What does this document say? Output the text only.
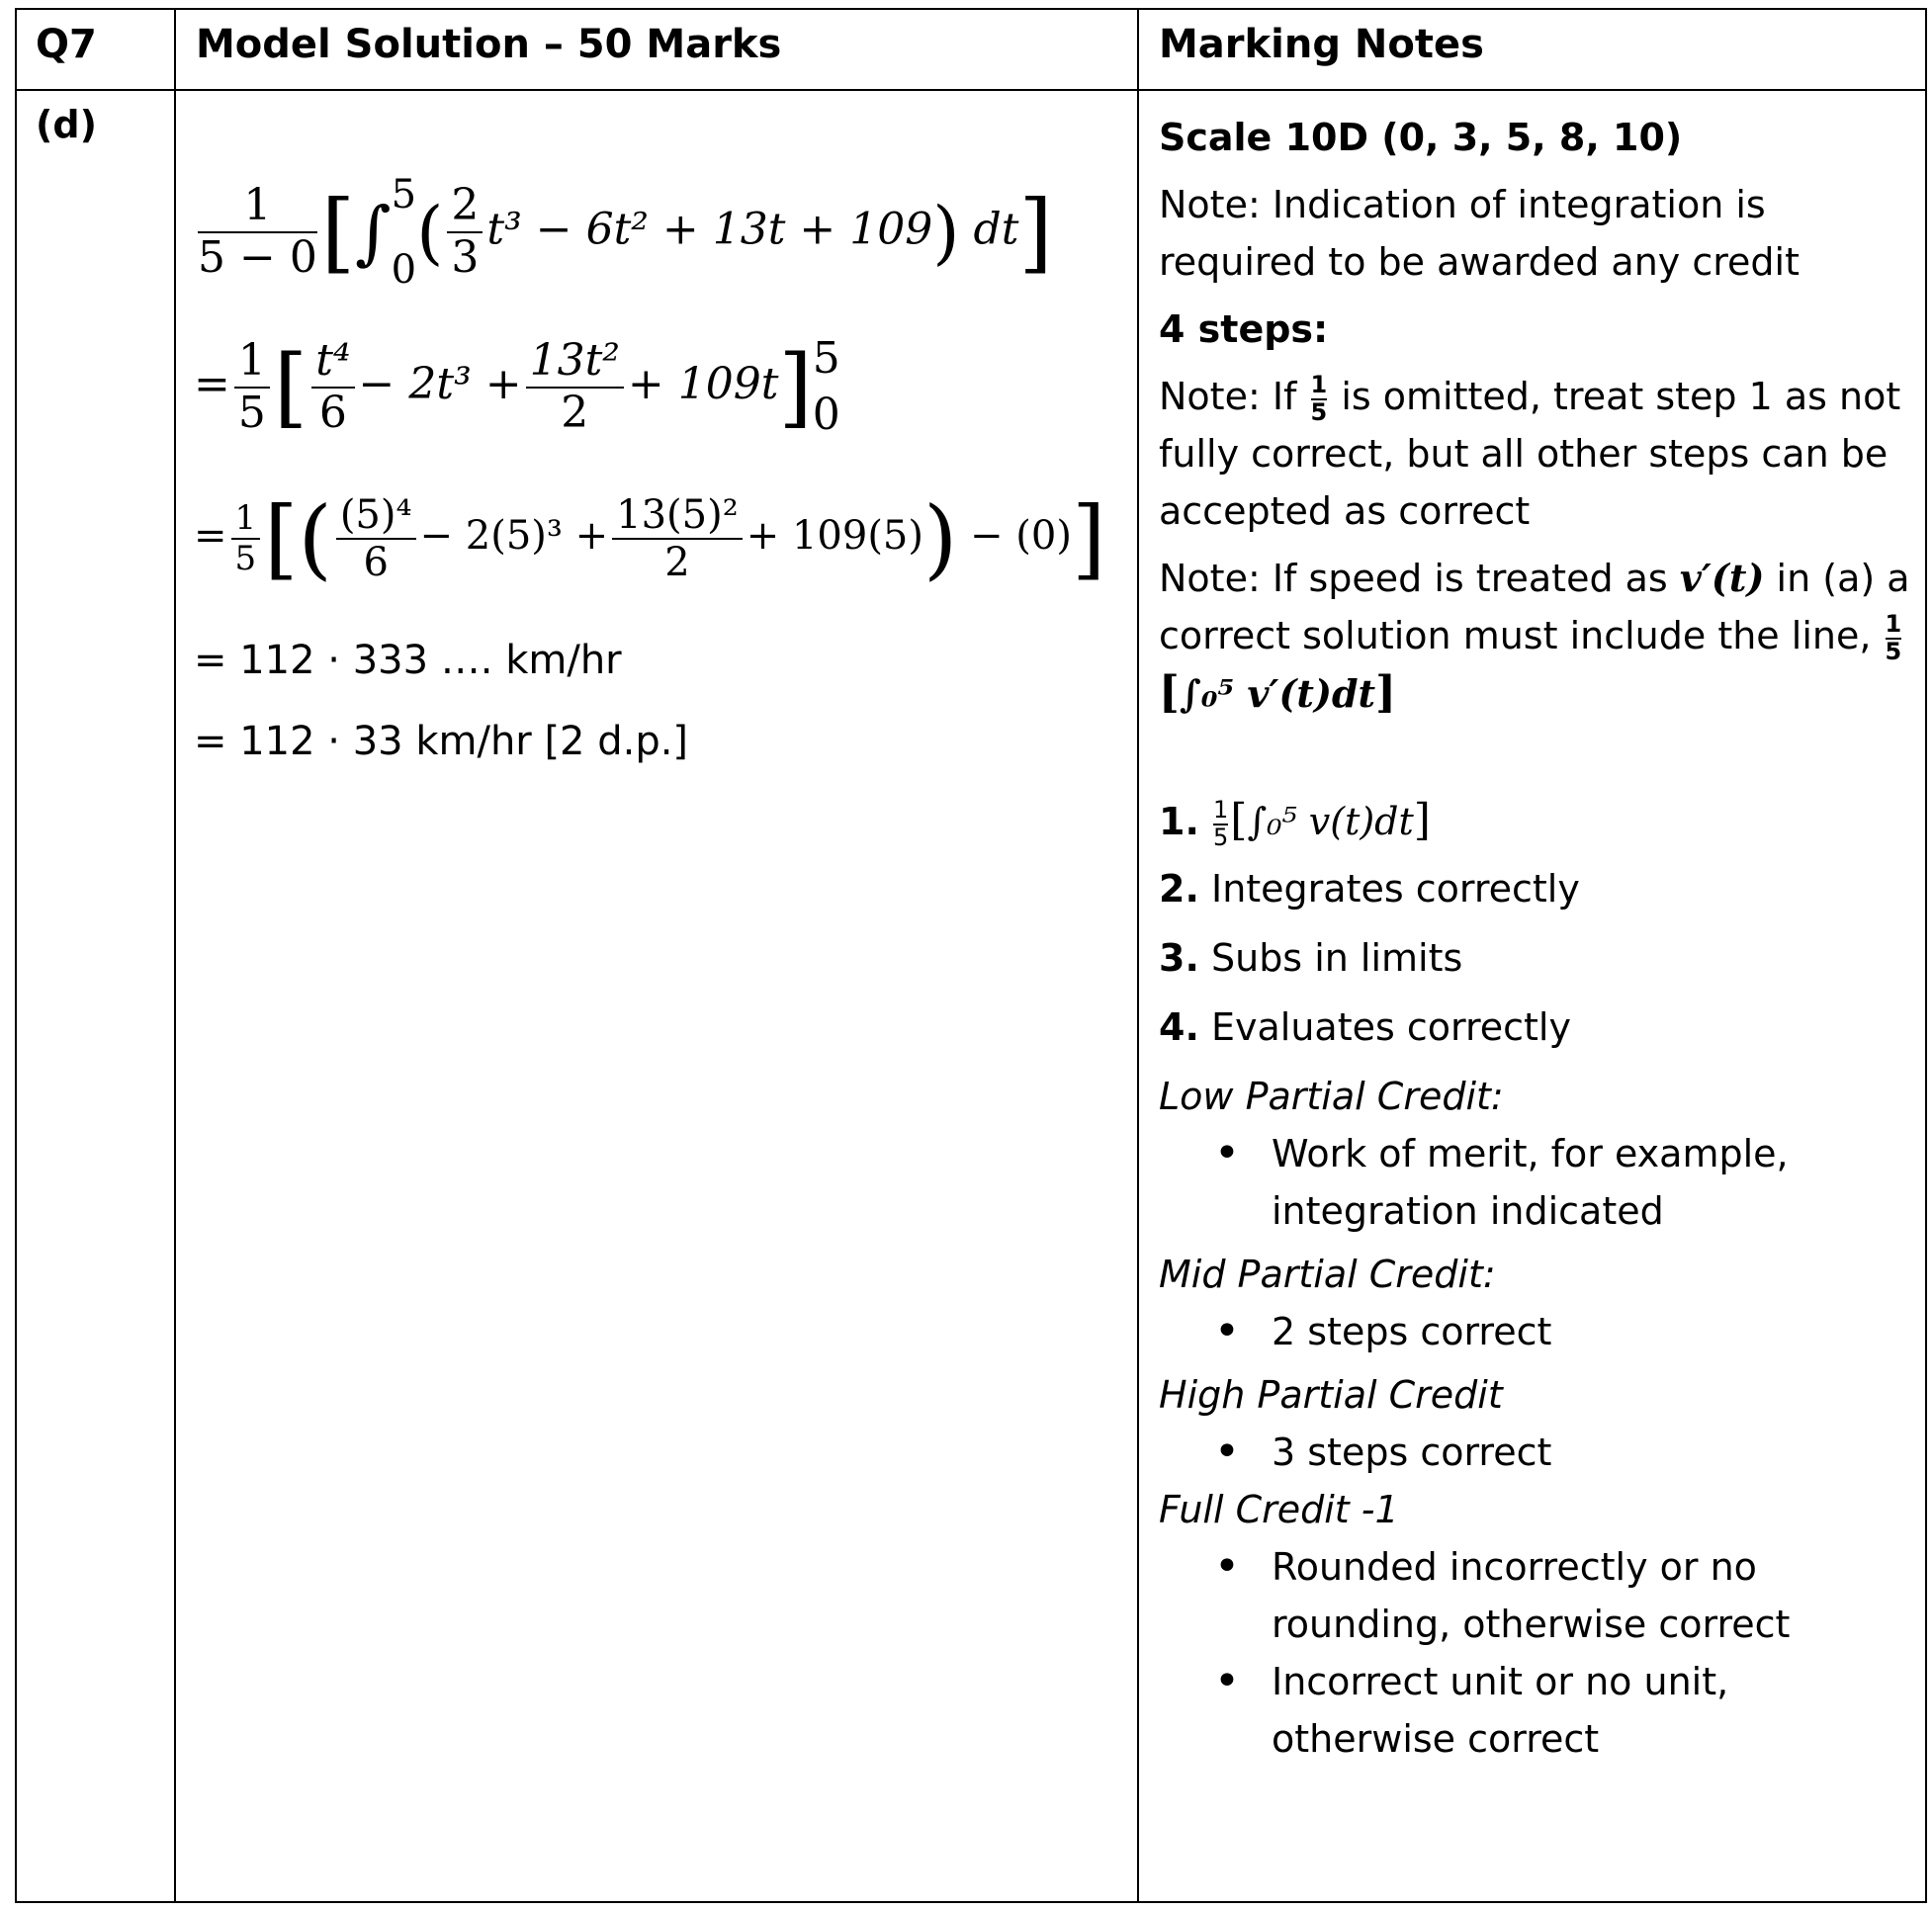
Q7	Model Solution – 50 Marks	Marking Notes
(d)
$\frac{1}{5 - 0}$ [∫ 5
0 ( $\frac{2}{3} t^3 - 6t^2 + 13t + 109$) dt]
= $\frac{1}{5}$ [ $\frac{\text{t⁴}}{6} - 2t^3 + \frac{\text{13t²}}{2} + 109t$] 5
0
= $\frac{1}{5}$ [( $\frac{\text{(5)⁴}}{6} - 2(5)^3 + \frac{\text{13(5)²}}{2} + 109(5)) - (0)$]
= 112 · 333 …. km/hr
= 112 · 33 km/hr [2 d.p.]

Scale 10D (0, 3, 5, 8, 10)

Note: Indication of integration is required to be awarded any credit

4 steps:

Note: If $\frac{1}{5}$ is omitted, treat step 1 as not fully correct, but all other steps can be accepted as correct

Note: If speed is treated as v′(t) in (a) a correct solution must include the line, $\frac{1}{5}$
[∫₀⁵ v′(t)dt]

1. $\frac{1}{5} [\int_0^5$ v(t)dt]

2. Integrates correctly

3. Subs in limits

4. Evaluates correctly

Low Partial Credit:

• Work of merit, for example, integration indicated

Mid Partial Credit:

• 2 steps correct

High Partial Credit

• 3 steps correct

Full Credit -1

• Rounded incorrectly or no rounding, otherwise correct
• Incorrect unit or no unit, otherwise correct
